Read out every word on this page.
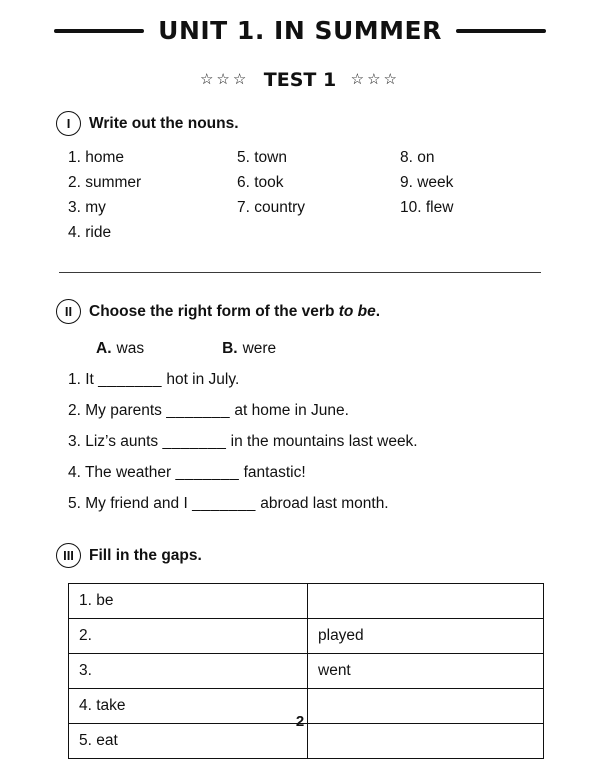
UNIT 1. IN SUMMER
☆☆☆ TEST 1 ☆☆☆
I	Write out the nouns.
1. home
2. summer
3. my
4. ride
5. town
6. took
7. country
8. on
9. week
10. flew
II	Choose the right form of the verb to be.
A. was	B. were
1. It _______ hot in July.
2. My parents _______ at home in June.
3. Liz’s aunts _______ in the mountains last week.
4. The weather _______ fantastic!
5. My friend and I _______ abroad last month.
III Fill in the gaps.
1. be	
2.	played
3.	went
4. take	
5. eat	
2
